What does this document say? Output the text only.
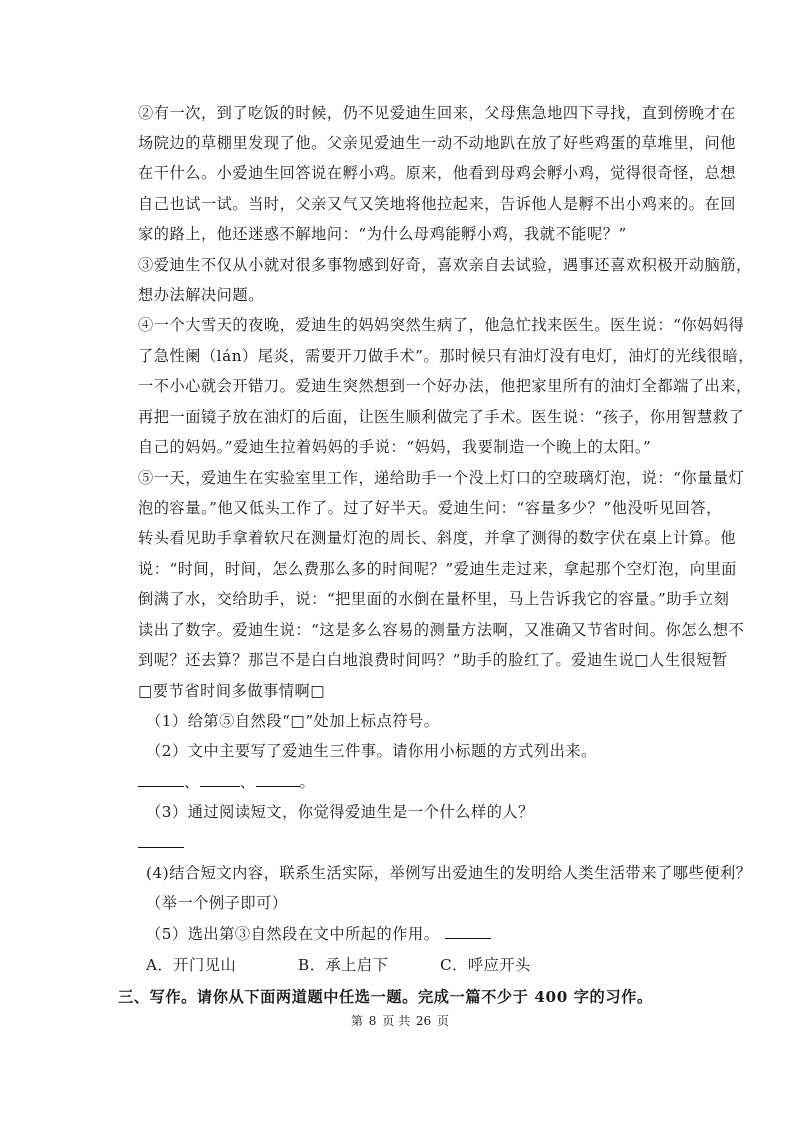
②有一次，到了吃饭的时候，仍不见爱迪生回来，父母焦急地四下寻找，直到傍晚才在
场院边的草棚里发现了他。父亲见爱迪生一动不动地趴在放了好些鸡蛋的草堆里，问他
在干什么。小爱迪生回答说在孵小鸡。原来，他看到母鸡会孵小鸡，觉得很奇怪，总想
自己也试一试。当时，父亲又气又笑地将他拉起来，告诉他人是孵不出小鸡来的。在回
家的路上，他还迷惑不解地问：“为什么母鸡能孵小鸡，我就不能呢？”
③爱迪生不仅从小就对很多事物感到好奇，喜欢亲自去试验，遇事还喜欢积极开动脑筋，
想办法解决问题。
④一个大雪天的夜晚，爱迪生的妈妈突然生病了，他急忙找来医生。医生说：“你妈妈得
了急性阑（lán）尾炎，需要开刀做手术”。那时候只有油灯没有电灯，油灯的光线很暗，
一不小心就会开错刀。爱迪生突然想到一个好办法，他把家里所有的油灯全都端了出来，
再把一面镜子放在油灯的后面，让医生顺利做完了手术。医生说：“孩子，你用智慧救了
自己的妈妈。”爱迪生拉着妈妈的手说：“妈妈，我要制造一个晚上的太阳。”
⑤一天，爱迪生在实验室里工作，递给助手一个没上灯口的空玻璃灯泡，说：“你量量灯
泡的容量。”他又低头工作了。过了好半天。爱迪生问：“容量多少？”他没听见回答，
转头看见助手拿着软尺在测量灯泡的周长、斜度，并拿了测得的数字伏在桌上计算。他
说：“时间，时间，怎么费那么多的时间呢？”爱迪生走过来，拿起那个空灯泡，向里面
倒满了水，交给助手，说：“把里面的水倒在量杯里，马上告诉我它的容量。”助手立刻
读出了数字。爱迪生说：“这是多么容易的测量方法啊，又准确又节省时间。你怎么想不
到呢？还去算？那岂不是白白地浪费时间吗？”助手的脸红了。爱迪生说□人生很短暂
□要节省时间多做事情啊□
（1）给第⑤自然段“□”处加上标点符号。
（2）文中主要写了爱迪生三件事。请你用小标题的方式列出来。
、	、	。
（3）通过阅读短文，你觉得爱迪生是一个什么样的人？
(4)结合短文内容，联系生活实际，举例写出爱迪生的发明给人类生活带来了哪些便利？
（举一个例子即可）
（5）选出第③自然段在文中所起的作用。
A．开门见山	B．承上启下	C．呼应开头
三、写作。请你从下面两道题中任选一题。完成一篇不少于 400 字的习作。
第 8 页 共 26 页
